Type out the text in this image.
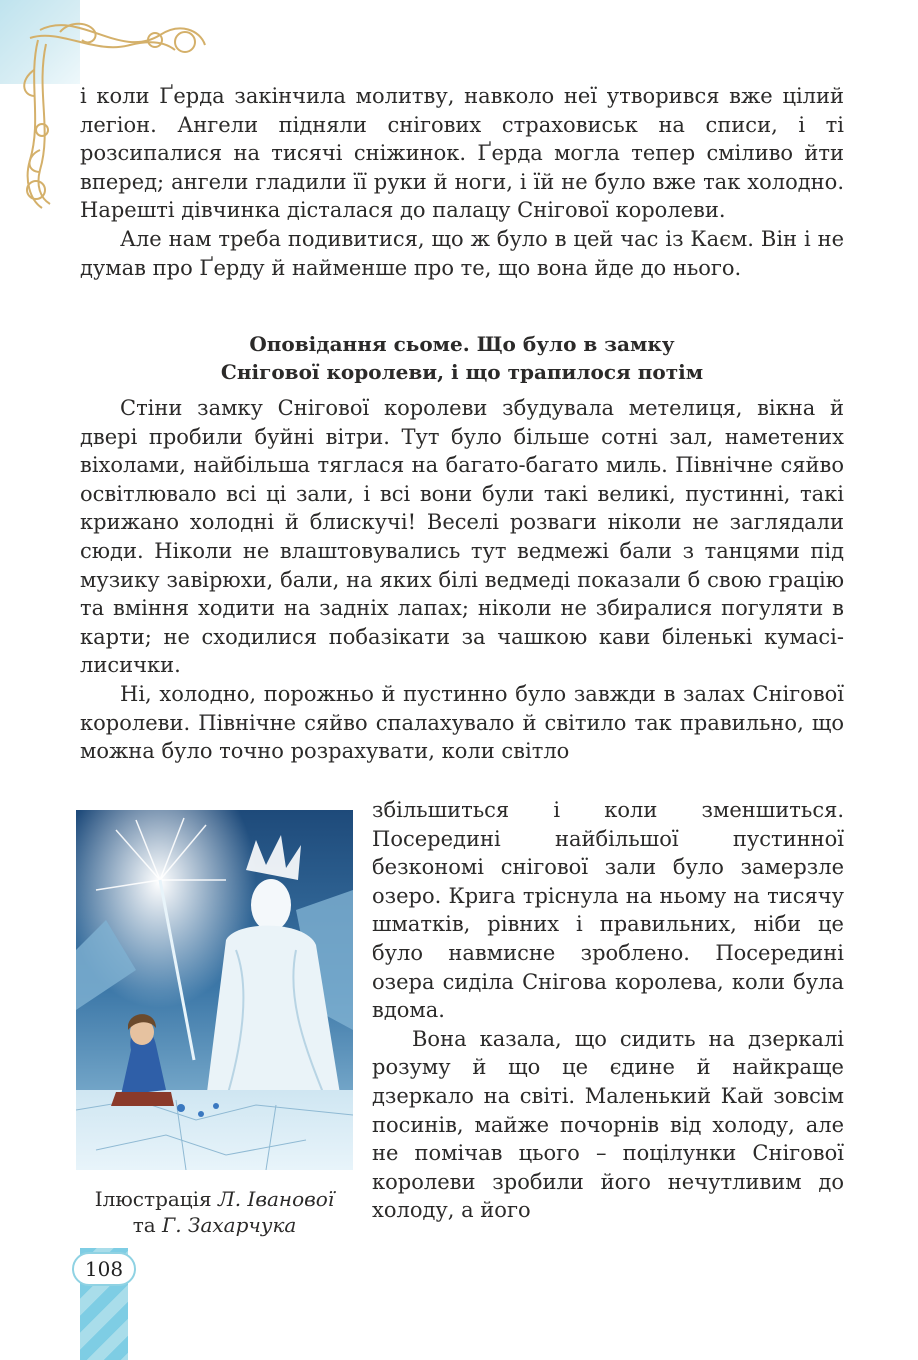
і коли Ґерда закінчила молитву, навколо неї утворився вже цілий легіон. Ангели підняли снігових страховиськ на списи, і ті розсипалися на тисячі сніжинок. Ґерда могла тепер сміливо йти вперед; ангели гладили її руки й ноги, і їй не було вже так холодно. Нарешті дівчинка дісталася до палацу Снігової королеви.

Але нам треба подивитися, що ж було в цей час із Каєм. Він і не думав про Ґерду й найменше про те, що вона йде до нього.

Оповідання сьоме. Що було в замку
Снігової королеви, і що трапилося потім

Стіни замку Снігової королеви збудувала метелиця, вікна й двері пробили буйні вітри. Тут було більше сотні зал, наметених віхолами, найбільша тяглася на багато-багато миль. Північне сяйво освітлювало всі ці зали, і всі вони були такі великі, пустинні, такі крижано холодні й блискучі! Веселі розваги ніколи не заглядали сюди. Ніколи не влаштовувались тут ведмежі бали з танцями під музику завірюхи, бали, на яких білі ведмеді показали б свою грацію та вміння ходити на задніх лапах; ніколи не збиралися погуляти в карти; не сходилися побазікати за чашкою кави біленькі кумасі-лисички.

Ні, холодно, порожньо й пустинно було завжди в залах Снігової королеви. Північне сяйво спалахувало й світило так правильно, що можна було точно розрахувати, коли світло

Ілюстрація Л. Іванової
та Г. Захарчука

збільшиться і коли зменшиться. Посередині найбільшої пустинної безкономі снігової зали було замерзле озеро. Крига тріснула на ньому на тисячу шматків, рівних і правильних, ніби це було навмисне зроблено. Посередині озера сиділа Снігова королева, коли була вдома.

Вона казала, що сидить на дзеркалі розуму й що це єдине й найкраще дзеркало на світі. Маленький Кай зовсім посинів, майже почорнів від холоду, але не помічав цього – поцілунки Снігової королеви зробили його нечутливим до холоду, а його

108
